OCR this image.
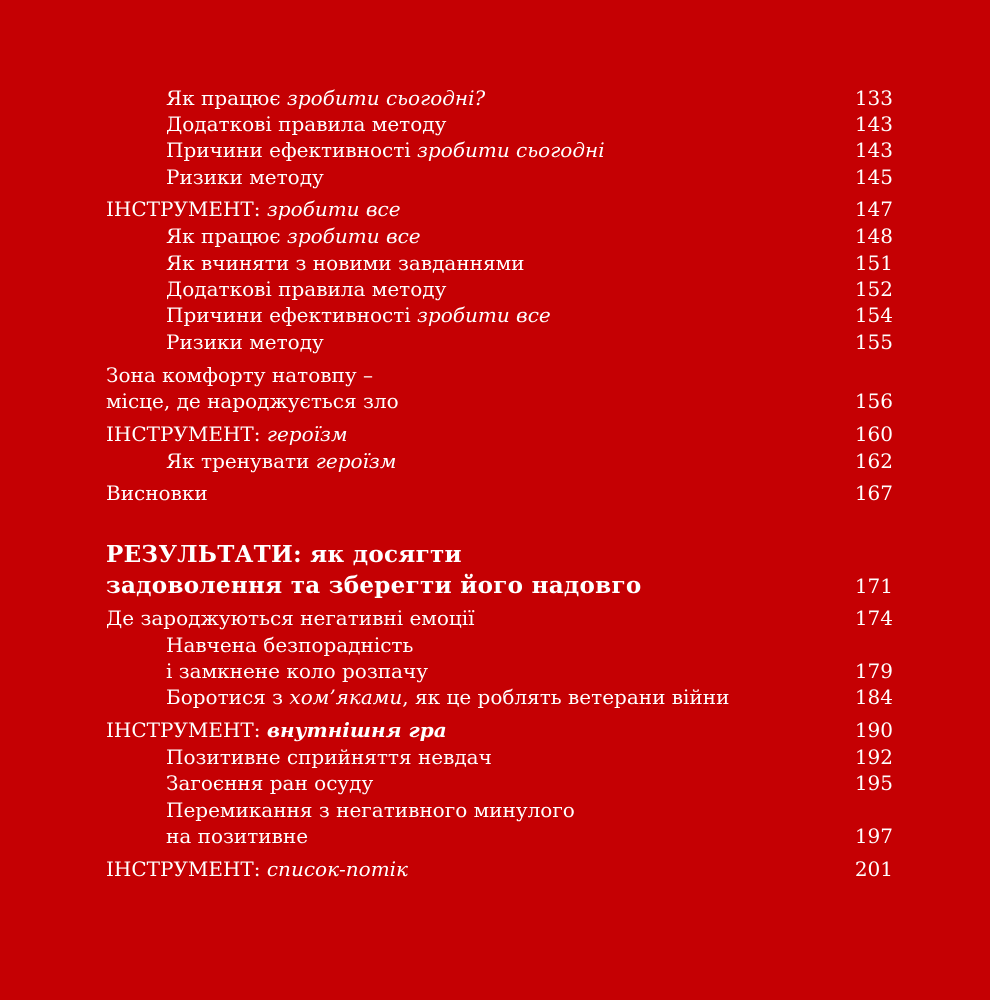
Як працює зробити сьогодні?	133
Додаткові правила методу	143
Причини ефективності зробити сьогодні	143
Ризики методу	145
ІНСТРУМЕНТ: зробити все	147
Як працює зробити все	148
Як вчиняти з новими завданнями	151
Додаткові правила методу	152
Причини ефективності зробити все	154
Ризики методу	155
Зона комфорту натовпу –
місце, де народжується зло	156
ІНСТРУМЕНТ: героїзм	160
Як тренувати героїзм	162
Висновки	167
РЕЗУЛЬТАТИ: як досягти
задоволення та зберегти його надовго	171
Де зароджуються негативні емоції	174
Навчена безпорадність
і замкнене коло розпачу	179
Боротися з хом’яками, як це роблять ветерани війни	184
ІНСТРУМЕНТ: внутнішня гра	190
Позитивне сприйняття невдач	192
Загоєння ран осуду	195
Перемикання з негативного минулого
на позитивне	197
ІНСТРУМЕНТ: список-потік	201
